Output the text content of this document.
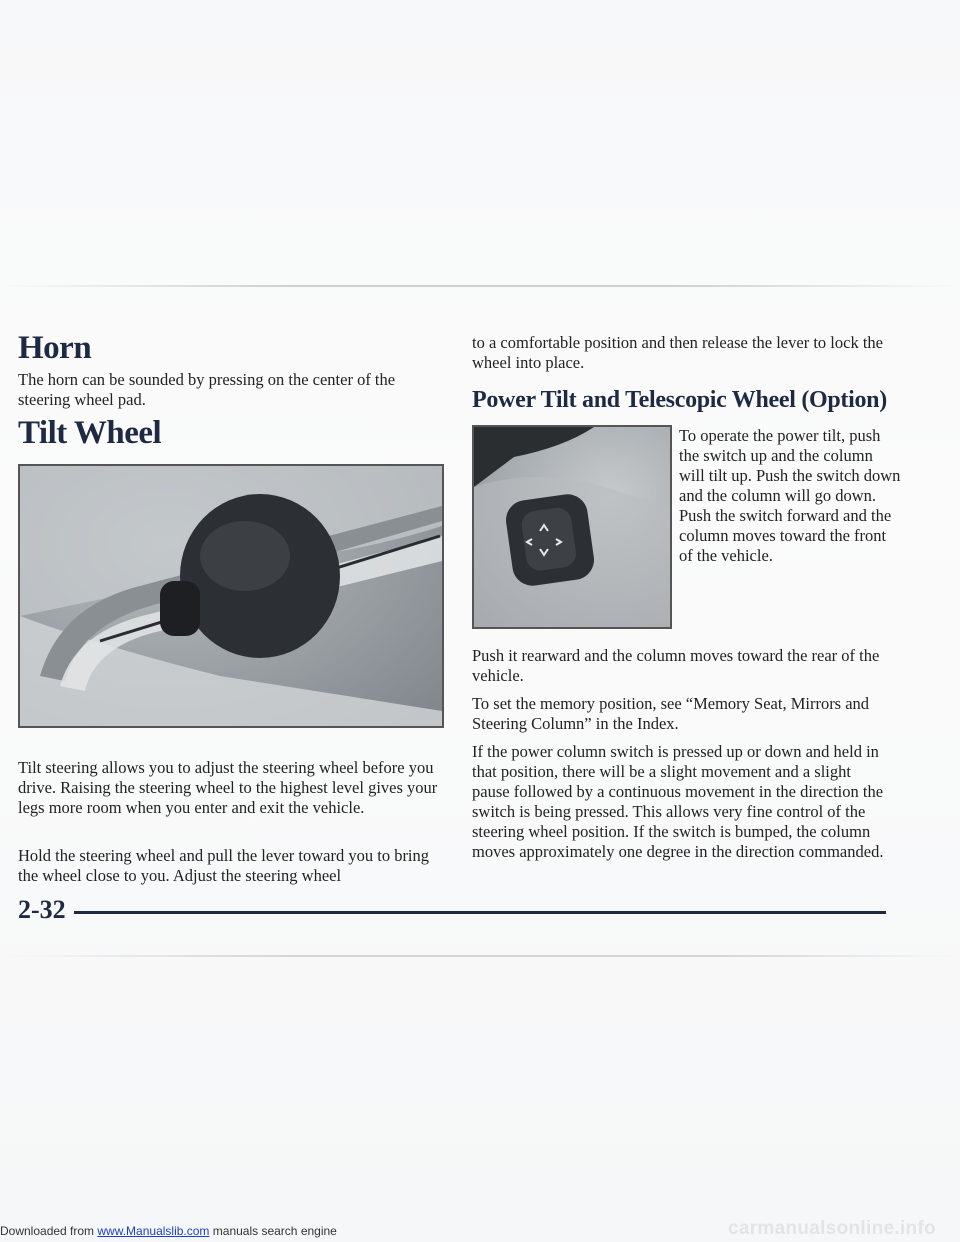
Horn

The horn can be sounded by pressing on the center of the steering wheel pad.

Tilt Wheel

Tilt steering allows you to adjust the steering wheel before you drive. Raising the steering wheel to the highest level gives your legs more room when you enter and exit the vehicle.

Hold the steering wheel and pull the lever toward you to bring the wheel close to you. Adjust the steering wheel

to a comfortable position and then release the lever to lock the wheel into place.

Power Tilt and Telescopic Wheel (Option)

To operate the power tilt, push the switch up and the column will tilt up. Push the switch down and the column will go down. Push the switch forward and the column moves toward the front of the vehicle.

Push it rearward and the column moves toward the rear of the vehicle.

To set the memory position, see “Memory Seat, Mirrors and Steering Column” in the Index.

If the power column switch is pressed up or down and held in that position, there will be a slight movement and a slight pause followed by a continuous movement in the direction the switch is being pressed. This allows very fine control of the steering wheel position. If the switch is bumped, the column moves approximately one degree in the direction commanded.

2-32
Downloaded from www.Manualslib.com manuals search engine	carmanualsonline.info
